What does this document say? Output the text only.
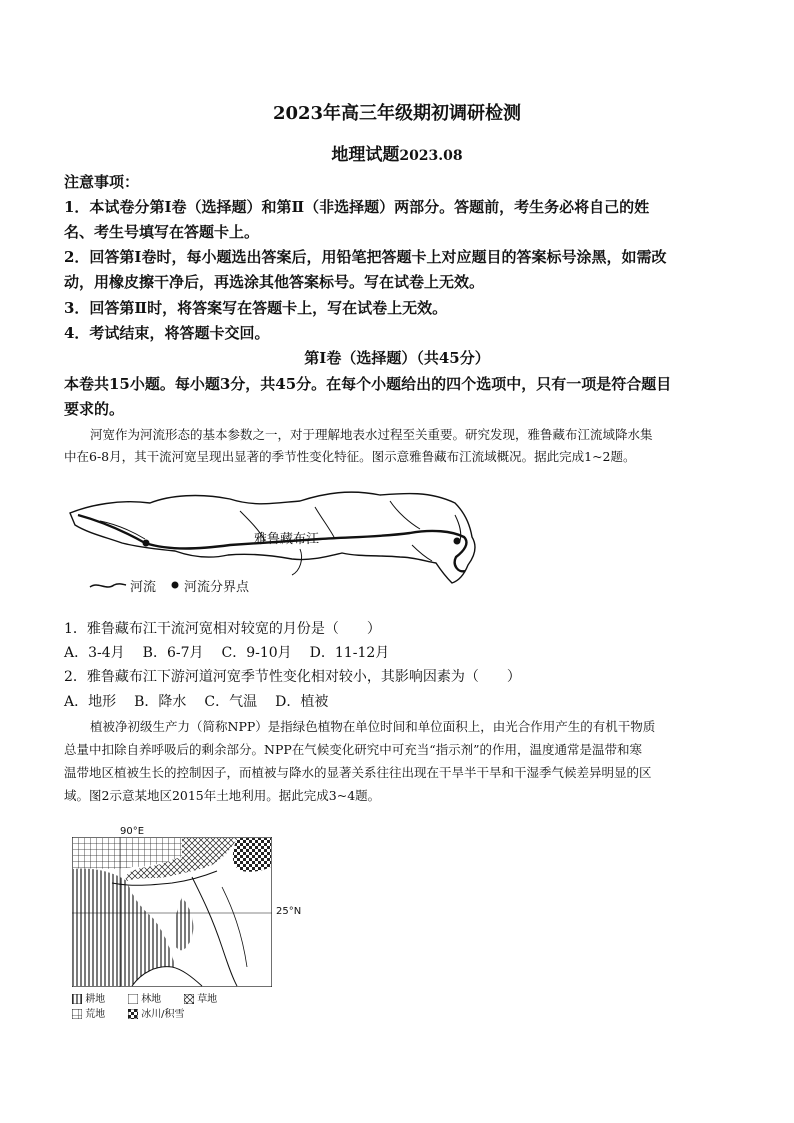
2023年高三年级期初调研检测
地理试题2023.08
注意事项：
1．本试卷分第Ⅰ卷（选择题）和第Ⅱ（非选择题）两部分。答题前，考生务必将自己的姓
名、考生号填写在答题卡上。
2．回答第Ⅰ卷时，每小题选出答案后，用铅笔把答题卡上对应题目的答案标号涂黑，如需改
动，用橡皮擦干净后，再选涂其他答案标号。写在试卷上无效。
3．回答第Ⅱ时，将答案写在答题卡上，写在试卷上无效。
4．考试结束，将答题卡交回。
第Ⅰ卷（选择题）（共45分）
本卷共15小题。每小题3分，共45分。在每个小题给出的四个选项中，只有一项是符合题目
要求的。
河宽作为河流形态的基本参数之一，对于理解地表水过程至关重要。研究发现，雅鲁藏布江流域降水集
中在6-8月，其干流河宽呈现出显著的季节性变化特征。图示意雅鲁藏布江流域概况。据此完成1~2题。
雅鲁藏布江
河流 河流分界点
1．雅鲁藏布江干流河宽相对较宽的月份是（　　）
A．3-4月 B．6-7月 C．9-10月 D．11-12月
2．雅鲁藏布江下游河道河宽季节性变化相对较小，其影响因素为（　　）
A．地形 B．降水 C．气温 D．植被
植被净初级生产力（简称NPP）是指绿色植物在单位时间和单位面积上，由光合作用产生的有机干物质
总量中扣除自养呼吸后的剩余部分。NPP在气候变化研究中可充当“指示剂”的作用，温度通常是温带和寒
温带地区植被生长的控制因子，而植被与降水的显著关系往往出现在干旱半干旱和干湿季气候差异明显的区
域。图2示意某地区2015年土地利用。据此完成3~4题。
90°E
25°N
耕地	林地	草地
荒地	冰川/积雪
